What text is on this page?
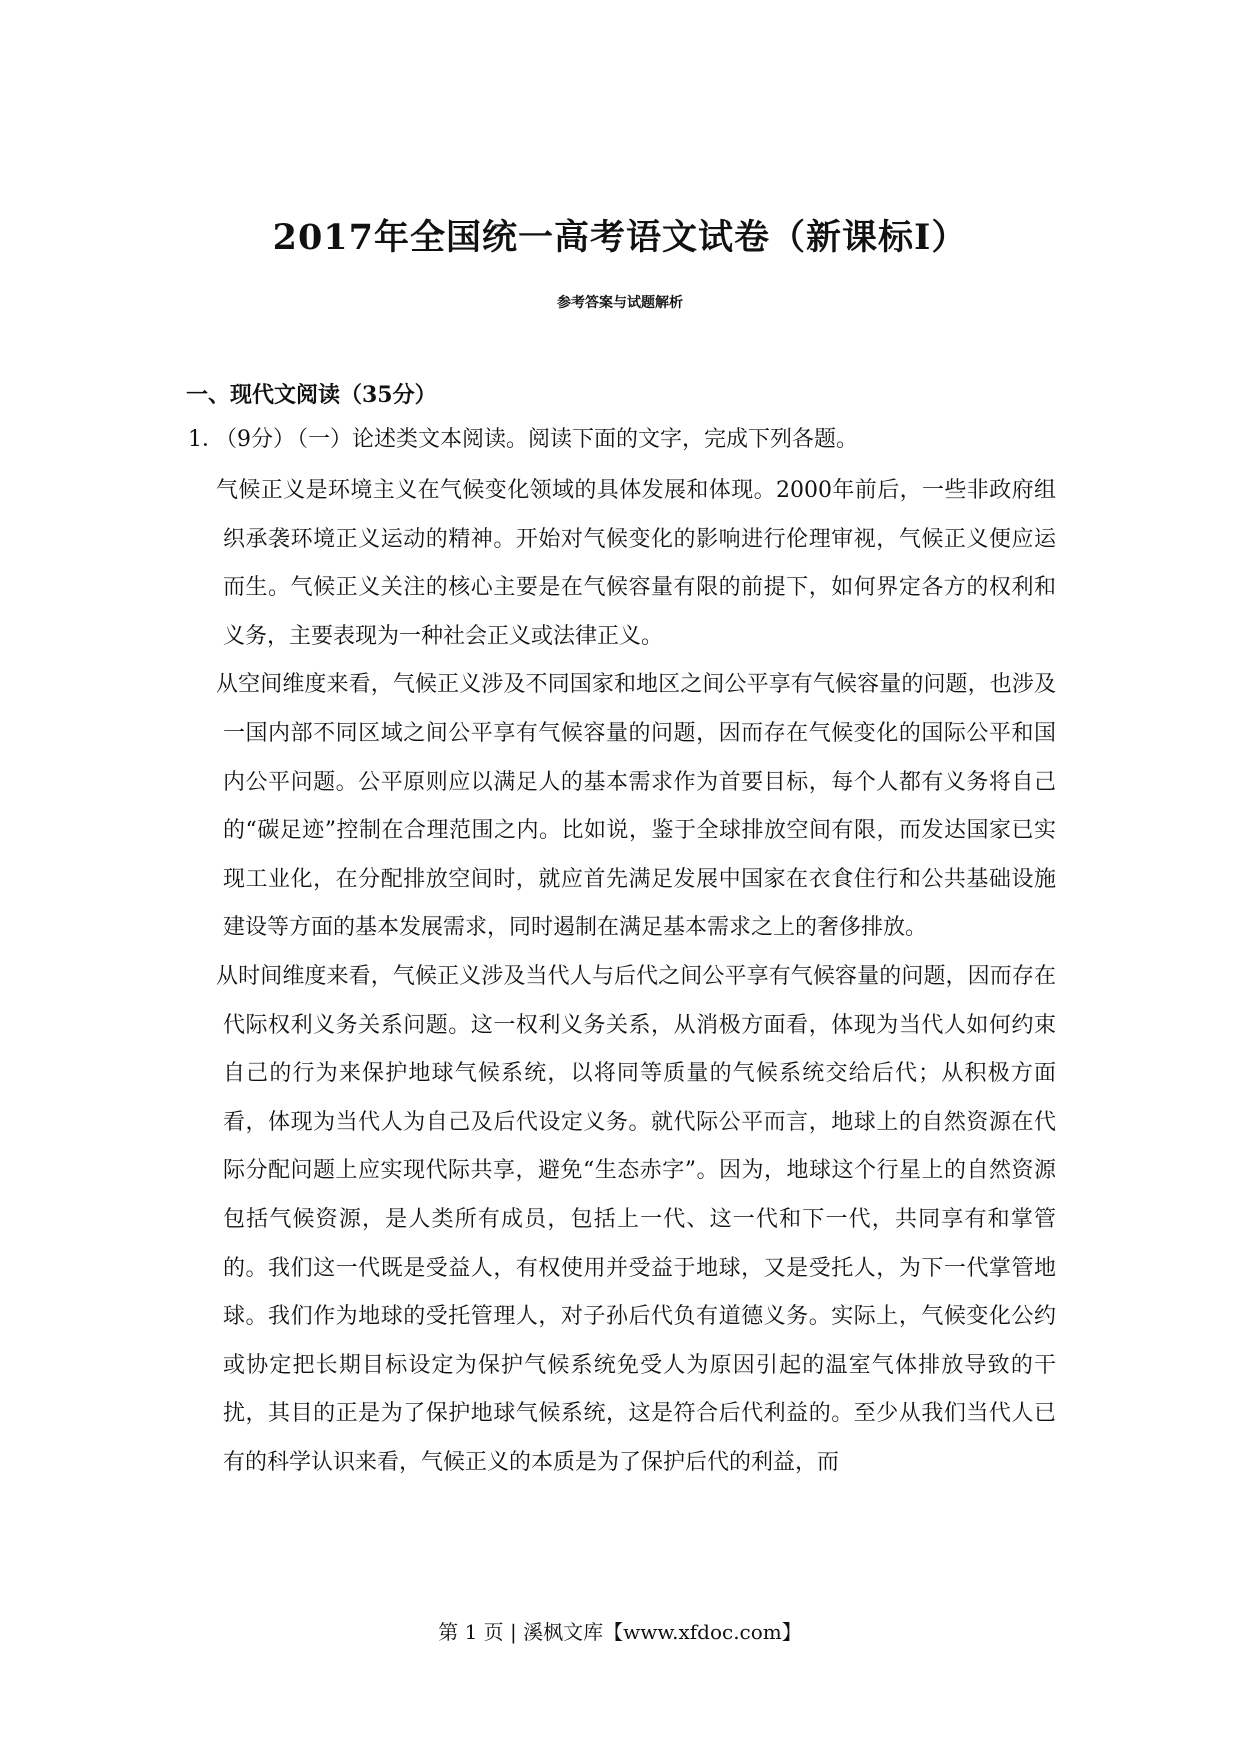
2017年全国统一高考语文试卷（新课标Ⅰ）
参考答案与试题解析
一、现代文阅读（35分）
1．（9分）（一）论述类文本阅读。阅读下面的文字，完成下列各题。

气候正义是环境主义在气候变化领域的具体发展和体现。2000年前后，一些非政府组织承袭环境正义运动的精神。开始对气候变化的影响进行伦理审视，气候正义便应运而生。气候正义关注的核心主要是在气候容量有限的前提下，如何界定各方的权利和义务，主要表现为一种社会正义或法律正义。

从空间维度来看，气候正义涉及不同国家和地区之间公平享有气候容量的问题，也涉及一国内部不同区域之间公平享有气候容量的问题，因而存在气候变化的国际公平和国内公平问题。公平原则应以满足人的基本需求作为首要目标，每个人都有义务将自己的“碳足迹”控制在合理范围之内。比如说，鉴于全球排放空间有限，而发达国家已实现工业化，在分配排放空间时，就应首先满足发展中国家在衣食住行和公共基础设施建设等方面的基本发展需求，同时遏制在满足基本需求之上的奢侈排放。

从时间维度来看，气候正义涉及当代人与后代之间公平享有气候容量的问题，因而存在代际权利义务关系问题。这一权利义务关系，从消极方面看，体现为当代人如何约束自己的行为来保护地球气候系统，以将同等质量的气候系统交给后代；从积极方面看，体现为当代人为自己及后代设定义务。就代际公平而言，地球上的自然资源在代际分配问题上应实现代际共享，避免“生态赤字”。因为，地球这个行星上的自然资源包括气候资源，是人类所有成员，包括上一代、这一代和下一代，共同享有和掌管的。我们这一代既是受益人，有权使用并受益于地球，又是受托人，为下一代掌管地球。我们作为地球的受托管理人，对子孙后代负有道德义务。实际上，气候变化公约或协定把长期目标设定为保护气候系统免受人为原因引起的温室气体排放导致的干扰，其目的正是为了保护地球气候系统，这是符合后代利益的。至少从我们当代人已有的科学认识来看，气候正义的本质是为了保护后代的利益，而

第 1 页 | 溪枫文库【www.xfdoc.com】
